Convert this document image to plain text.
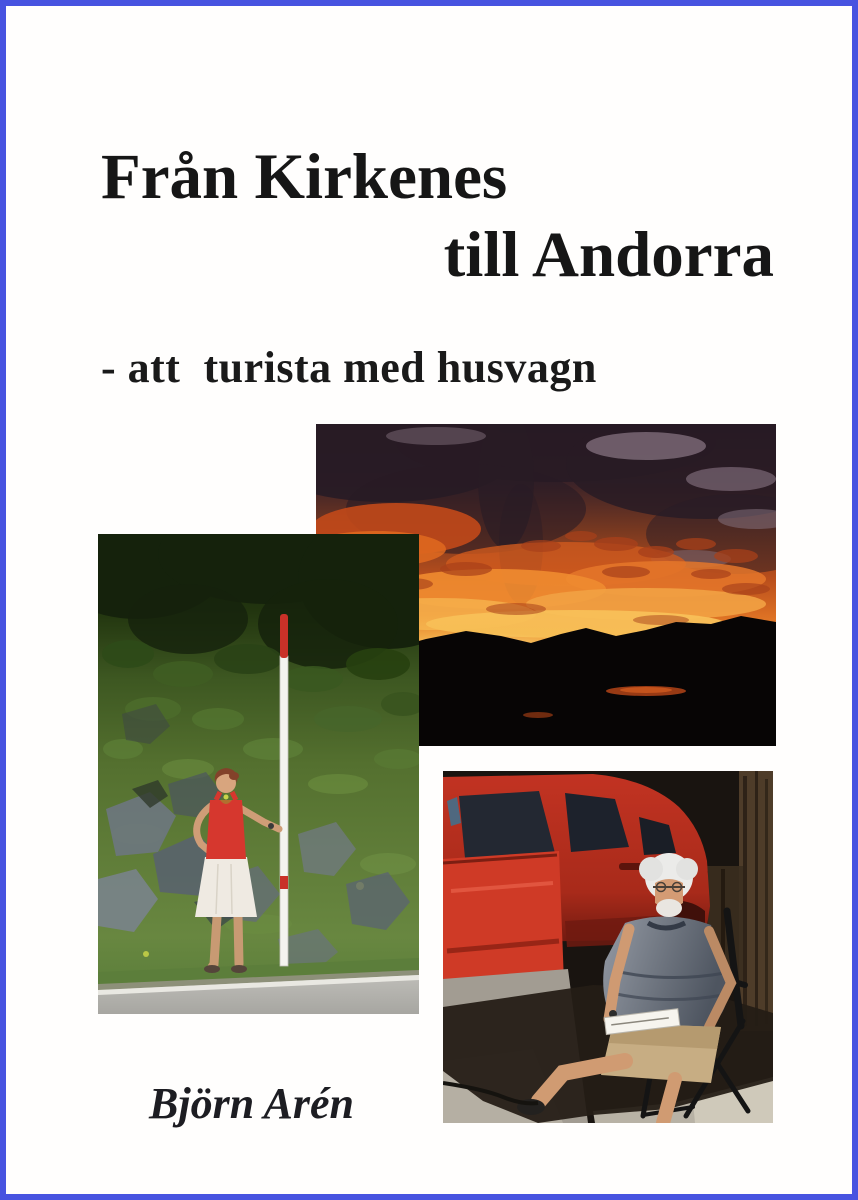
Från Kirkenes
till Andorra
- att  turista med husvagn
Björn Arén
